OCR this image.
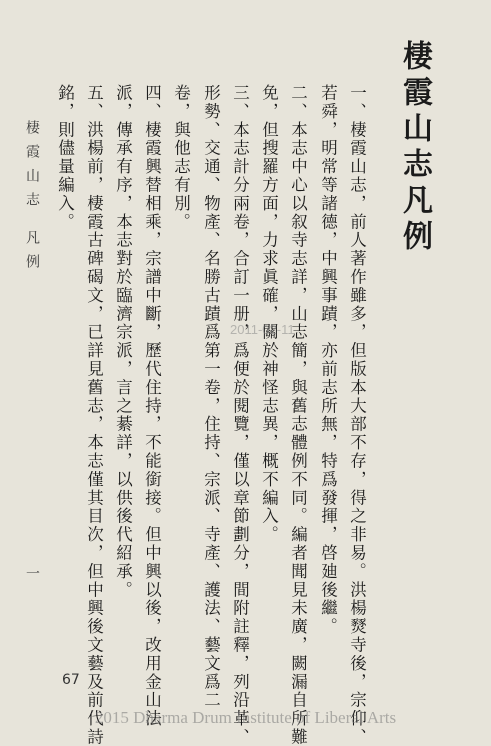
棲霞山志凡例
一、棲霞山志，前人著作雖多，但版本大部不存，得之非易。洪楊燹寺後，宗仰、
若舜，明常等諸德，中興事蹟，亦前志所無，特爲發揮，啓廸後繼。
二、本志中心以叙寺志詳，山志簡，與舊志體例不同。編者聞見未廣，闕漏自所難
免，但搜羅方面，力求眞確，關於神怪志異，概不編入。
三、本志計分兩卷，合訂一册，爲便於閱覽，僅以章節劃分，間附註釋，列沿革、
形勢、交通、物產、名勝古蹟爲第一卷，住持、宗派、寺產、護法、藝文爲二
卷，與他志有別。
四、棲霞興替相乘，宗譜中斷，歷代住持，不能銜接。但中興以後，改用金山法
派，傳承有序，本志對於臨濟宗派，言之綦詳，以供後代紹承。
五、洪楊前，棲霞古碑碣文，已詳見舊志，本志僅其目次，但中興後文藝及前代詩
銘，則儘量編入。
棲霞山志凡例
一
2011-02-11
67
2015 Dharma Drum Institute of Liberal Arts
